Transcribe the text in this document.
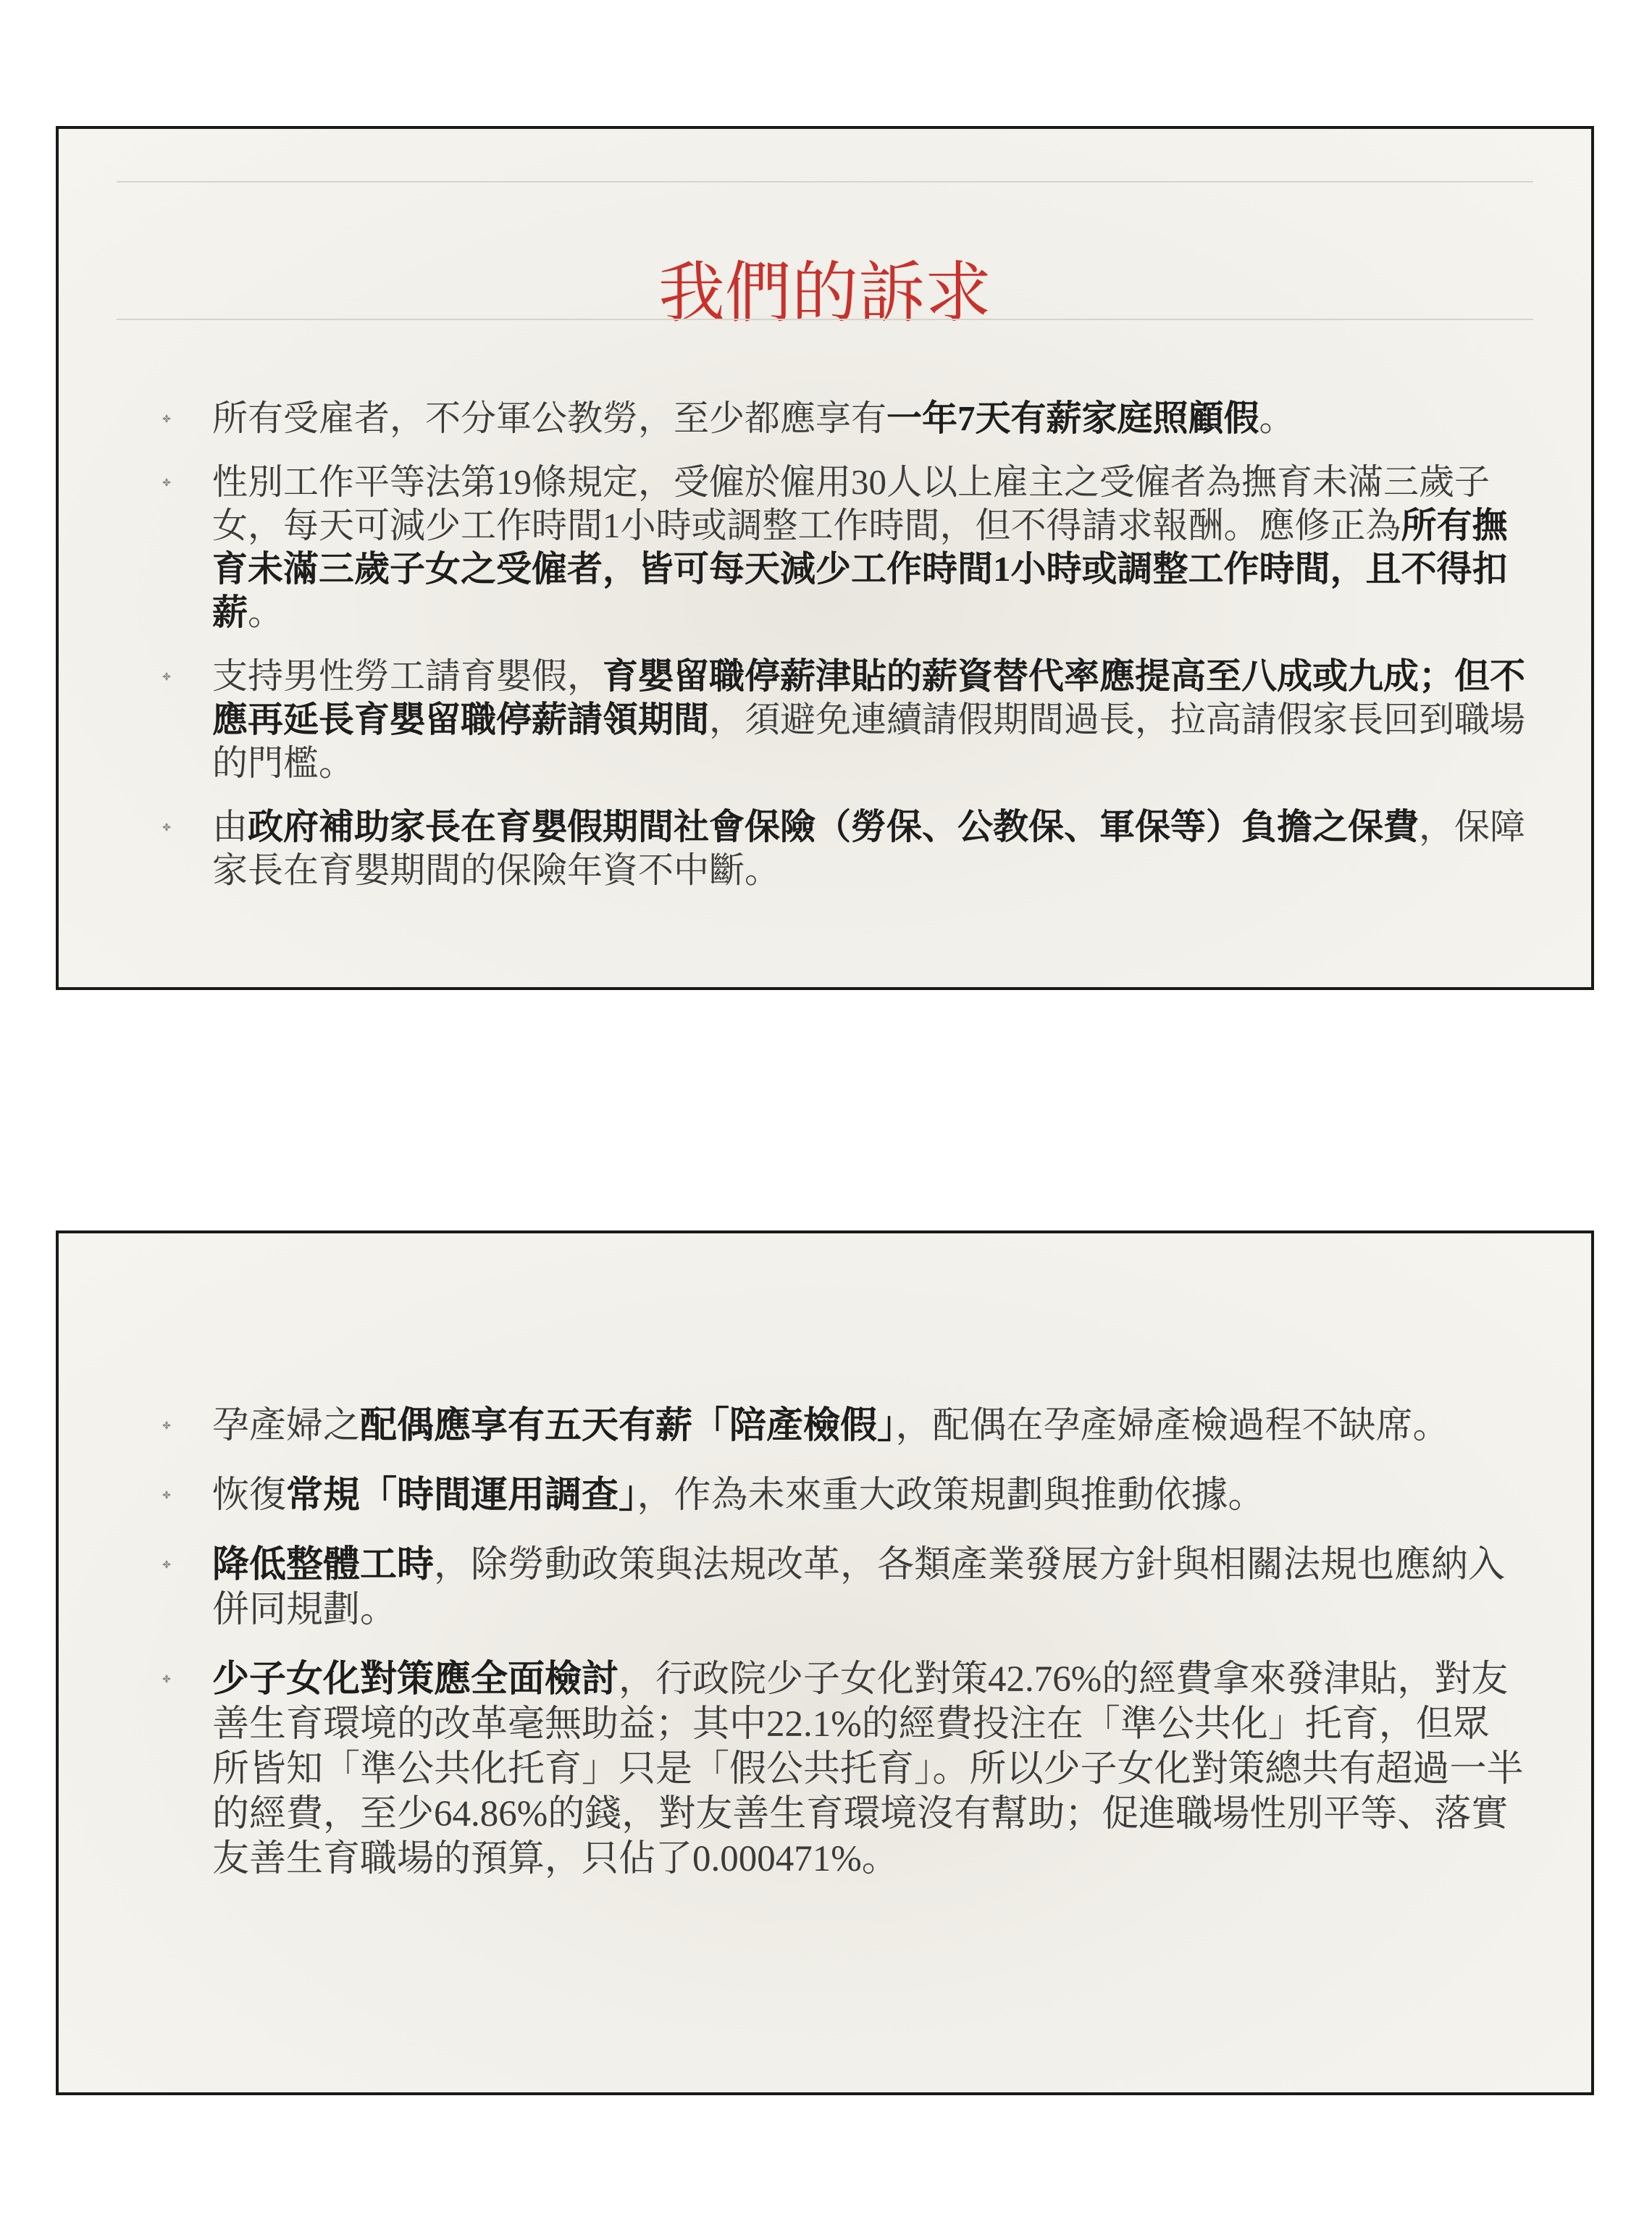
我們的訴求
所有受雇者，不分軍公教勞，至少都應享有一年7天有薪家庭照顧假。
性別工作平等法第19條規定，受僱於僱用30人以上雇主之受僱者為撫育未滿三歲子女，每天可減少工作時間1小時或調整工作時間，但不得請求報酬。應修正為所有撫育未滿三歲子女之受僱者，皆可每天減少工作時間1小時或調整工作時間，且不得扣薪。
支持男性勞工請育嬰假，育嬰留職停薪津貼的薪資替代率應提高至八成或九成；但不應再延長育嬰留職停薪請領期間，須避免連續請假期間過長，拉高請假家長回到職場的門檻。
由政府補助家長在育嬰假期間社會保險（勞保、公教保、軍保等）負擔之保費，保障家長在育嬰期間的保險年資不中斷。
孕產婦之配偶應享有五天有薪「陪產檢假」，配偶在孕產婦產檢過程不缺席。
恢復常規「時間運用調查」，作為未來重大政策規劃與推動依據。
降低整體工時，除勞動政策與法規改革，各類產業發展方針與相關法規也應納入併同規劃。
少子女化對策應全面檢討，行政院少子女化對策42.76%的經費拿來發津貼，對友善生育環境的改革毫無助益；其中22.1%的經費投注在「準公共化」托育，但眾所皆知「準公共化托育」只是「假公共托育」。所以少子女化對策總共有超過一半的經費，至少64.86%的錢，對友善生育環境沒有幫助；促進職場性別平等、落實友善生育職場的預算，只佔了0.000471%。
